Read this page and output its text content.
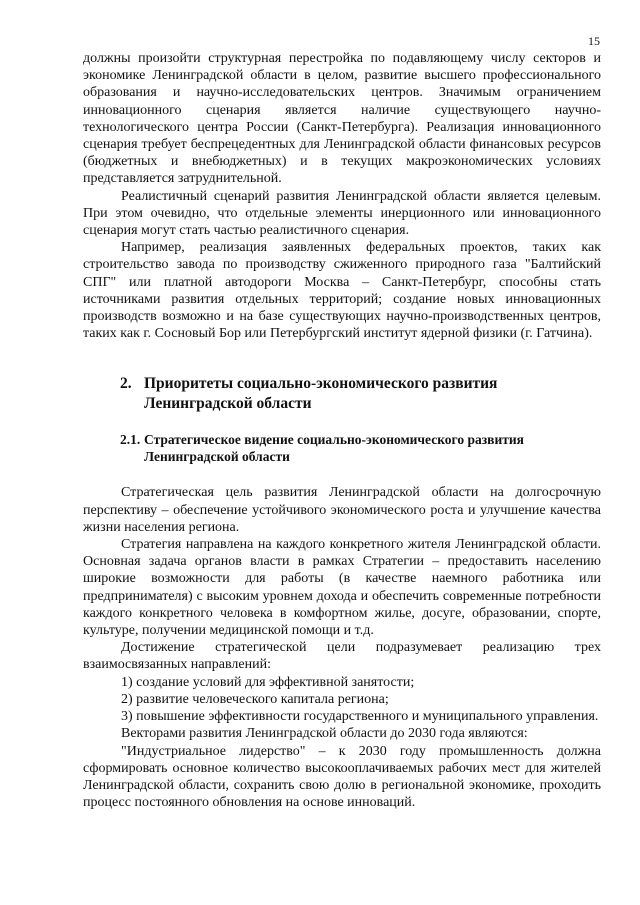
15

должны произойти структурная перестройка по подавляющему числу секторов и экономике Ленинградской области в целом, развитие высшего профессионального образования и научно-исследовательских центров. Значимым ограничением инновационного сценария является наличие существующего научно-технологического центра России (Санкт-Петербурга). Реализация инновационного сценария требует беспрецедентных для Ленинградской области финансовых ресурсов (бюджетных и внебюджетных) и в текущих макроэкономических условиях представляется затруднительной.

Реалистичный сценарий развития Ленинградской области является целевым. При этом очевидно, что отдельные элементы инерционного или инновационного сценария могут стать частью реалистичного сценария.

Например, реализация заявленных федеральных проектов, таких как строительство завода по производству сжиженного природного газа "Балтийский СПГ" или платной автодороги Москва – Санкт-Петербург, способны стать источниками развития отдельных территорий; создание новых инновационных производств возможно и на базе существующих научно-производственных центров, таких как г. Сосновый Бор или Петербургский институт ядерной физики (г. Гатчина).

2. Приоритеты социально-экономического развития Ленинградской области
2.1. Стратегическое видение социально-экономического развития Ленинградской области

Стратегическая цель развития Ленинградской области на долгосрочную перспективу – обеспечение устойчивого экономического роста и улучшение качества жизни населения региона.

Стратегия направлена на каждого конкретного жителя Ленинградской области. Основная задача органов власти в рамках Стратегии – предоставить населению широкие возможности для работы (в качестве наемного работника или предпринимателя) с высоким уровнем дохода и обеспечить современные потребности каждого конкретного человека в комфортном жилье, досуге, образовании, спорте, культуре, получении медицинской помощи и т.д.

Достижение стратегической цели подразумевает реализацию трех взаимосвязанных направлений:

1) создание условий для эффективной занятости;

2) развитие человеческого капитала региона;

3) повышение эффективности государственного и муниципального управления.

Векторами развития Ленинградской области до 2030 года являются:

"Индустриальное лидерство" – к 2030 году промышленность должна сформировать основное количество высокооплачиваемых рабочих мест для жителей Ленинградской области, сохранить свою долю в региональной экономике, проходить процесс постоянного обновления на основе инноваций.
